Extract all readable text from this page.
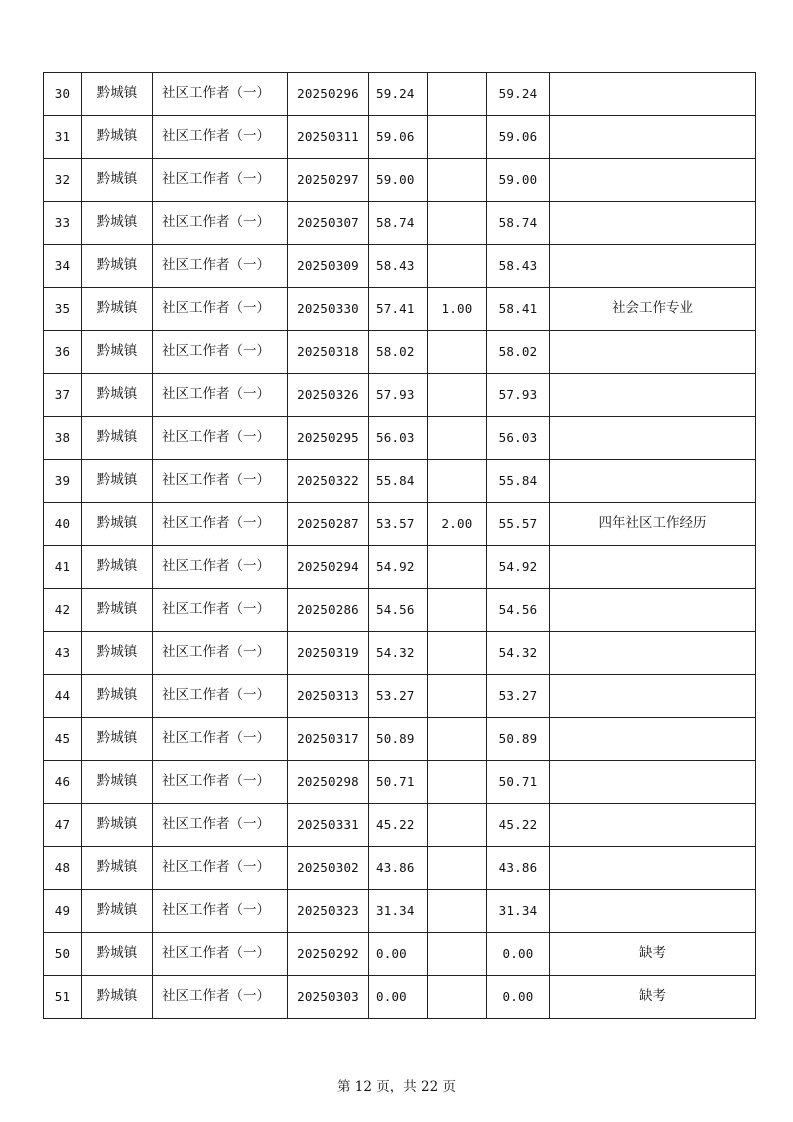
30	黔城镇	社区工作者（一）	20250296	59.24		59.24	
31	黔城镇	社区工作者（一）	20250311	59.06		59.06	
32	黔城镇	社区工作者（一）	20250297	59.00		59.00	
33	黔城镇	社区工作者（一）	20250307	58.74		58.74	
34	黔城镇	社区工作者（一）	20250309	58.43		58.43	
35	黔城镇	社区工作者（一）	20250330	57.41	1.00	58.41	社会工作专业
36	黔城镇	社区工作者（一）	20250318	58.02		58.02	
37	黔城镇	社区工作者（一）	20250326	57.93		57.93	
38	黔城镇	社区工作者（一）	20250295	56.03		56.03	
39	黔城镇	社区工作者（一）	20250322	55.84		55.84	
40	黔城镇	社区工作者（一）	20250287	53.57	2.00	55.57	四年社区工作经历
41	黔城镇	社区工作者（一）	20250294	54.92		54.92	
42	黔城镇	社区工作者（一）	20250286	54.56		54.56	
43	黔城镇	社区工作者（一）	20250319	54.32		54.32	
44	黔城镇	社区工作者（一）	20250313	53.27		53.27	
45	黔城镇	社区工作者（一）	20250317	50.89		50.89	
46	黔城镇	社区工作者（一）	20250298	50.71		50.71	
47	黔城镇	社区工作者（一）	20250331	45.22		45.22	
48	黔城镇	社区工作者（一）	20250302	43.86		43.86	
49	黔城镇	社区工作者（一）	20250323	31.34		31.34	
50	黔城镇	社区工作者（一）	20250292	0.00		0.00	缺考
51	黔城镇	社区工作者（一）	20250303	0.00		0.00	缺考
第 12 页，共 22 页
